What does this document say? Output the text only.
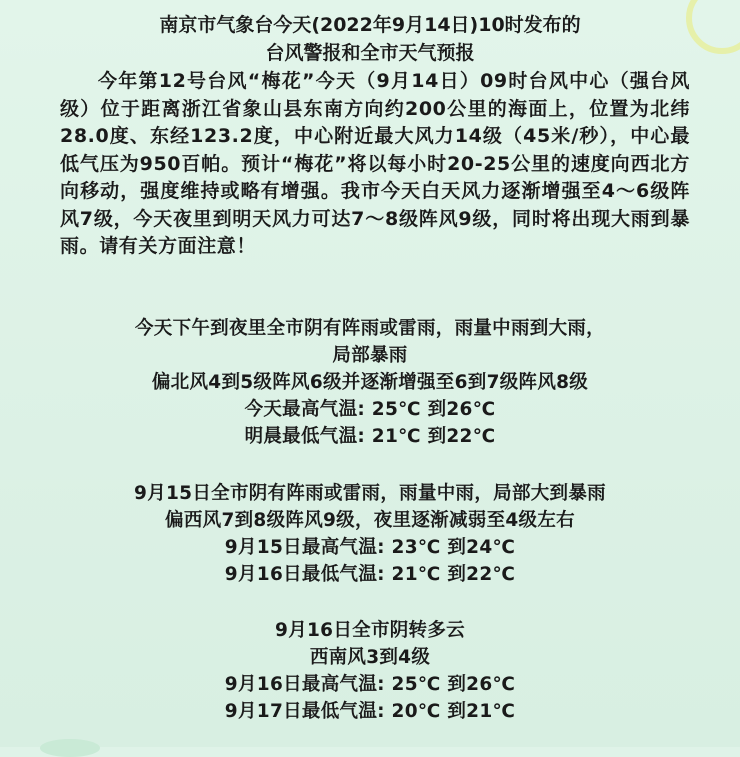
南京市气象台今天(2022年9月14日)10时发布的
台风警报和全市天气预报
今年第12号台风“梅花”今天（9月14日）09时台风中心（强台风级）位于距离浙江省象山县东南方向约200公里的海面上，位置为北纬28.0度、东经123.2度，中心附近最大风力14级（45米/秒），中心最低气压为950百帕。预计“梅花”将以每小时20-25公里的速度向西北方向移动，强度维持或略有增强。我市今天白天风力逐渐增强至4～6级阵风7级，今天夜里到明天风力可达7～8级阵风9级，同时将出现大雨到暴雨。请有关方面注意！
今天下午到夜里全市阴有阵雨或雷雨，雨量中雨到大雨，
局部暴雨
偏北风4到5级阵风6级并逐渐增强至6到7级阵风8级
今天最高气温: 25℃ 到26℃
明晨最低气温: 21℃ 到22℃
9月15日全市阴有阵雨或雷雨，雨量中雨，局部大到暴雨
偏西风7到8级阵风9级，夜里逐渐减弱至4级左右
9月15日最高气温: 23℃ 到24℃
9月16日最低气温: 21℃ 到22℃
9月16日全市阴转多云
西南风3到4级
9月16日最高气温: 25℃ 到26℃
9月17日最低气温: 20℃ 到21℃
